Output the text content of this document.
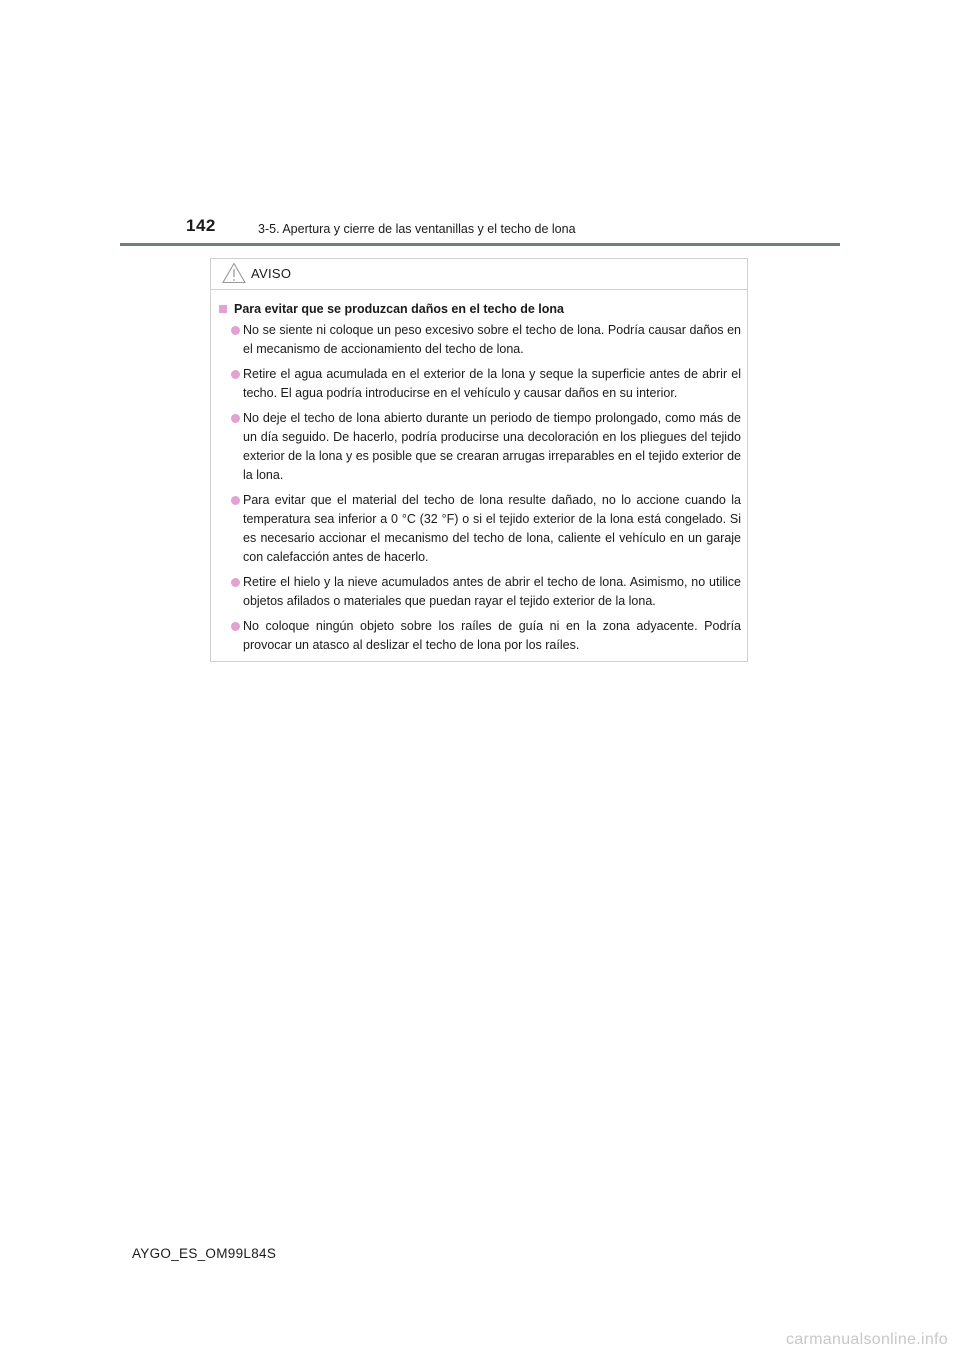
142	3-5. Apertura y cierre de las ventanillas y el techo de lona
AVISO
Para evitar que se produzcan daños en el techo de lona
No se siente ni coloque un peso excesivo sobre el techo de lona. Podría causar daños en el mecanismo de accionamiento del techo de lona.
Retire el agua acumulada en el exterior de la lona y seque la superficie antes de abrir el techo. El agua podría introducirse en el vehículo y causar daños en su interior.
No deje el techo de lona abierto durante un periodo de tiempo prolongado, como más de un día seguido. De hacerlo, podría producirse una decoloración en los pliegues del tejido exterior de la lona y es posible que se crearan arrugas irreparables en el tejido exterior de la lona.
Para evitar que el material del techo de lona resulte dañado, no lo accione cuando la temperatura sea inferior a 0 °C (32 °F) o si el tejido exterior de la lona está congelado. Si es necesario accionar el mecanismo del techo de lona, caliente el vehículo en un garaje con calefacción antes de hacerlo.
Retire el hielo y la nieve acumulados antes de abrir el techo de lona. Asimismo, no utilice objetos afilados o materiales que puedan rayar el tejido exterior de la lona.
No coloque ningún objeto sobre los raíles de guía ni en la zona adyacente. Podría provocar un atasco al deslizar el techo de lona por los raíles.
AYGO_ES_OM99L84S
carmanualsonline.info
